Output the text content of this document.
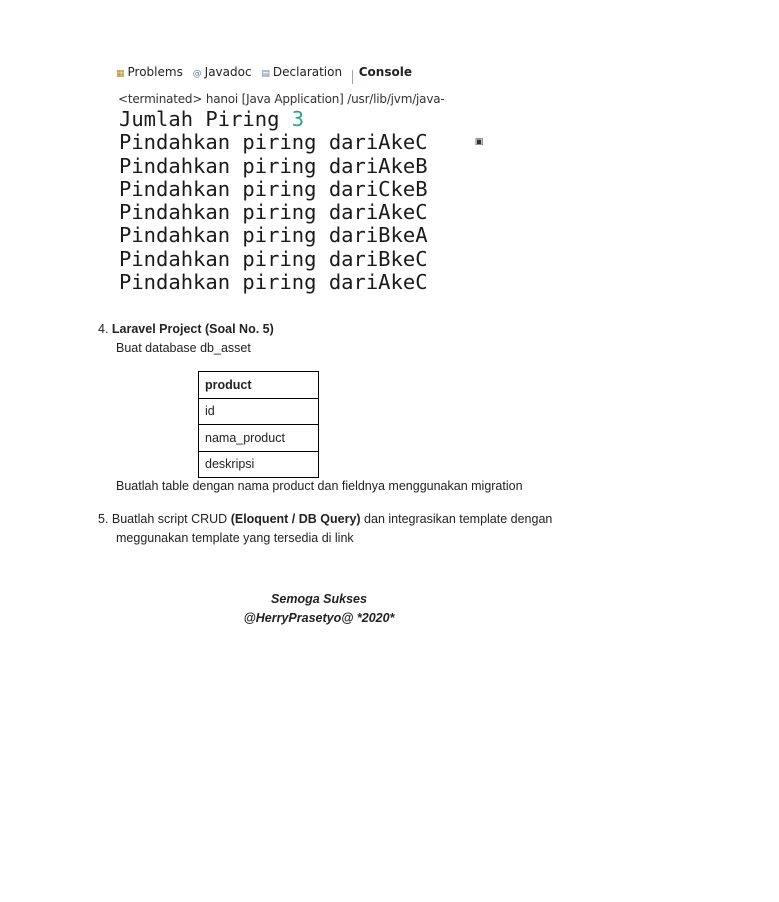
▦ Problems @ Javadoc ▤ Declaration
▣
Console
<terminated> hanoi [Java Application] /usr/lib/jvm/java-
Jumlah Piring 3
Pindahkan piring dariAkeC
Pindahkan piring dariAkeB
Pindahkan piring dariCkeB
Pindahkan piring dariAkeC
Pindahkan piring dariBkeA
Pindahkan piring dariBkeC
Pindahkan piring dariAkeC
4. Laravel Project (Soal No. 5)
Buat database db_asset
product
id
nama_product
deskripsi
Buatlah table dengan nama product dan fieldnya menggunakan migration
5. Buatlah script CRUD (Eloquent / DB Query) dan integrasikan template dengan
meggunakan template yang tersedia di link
Semoga Sukses
@HerryPrasetyo@ *2020*
